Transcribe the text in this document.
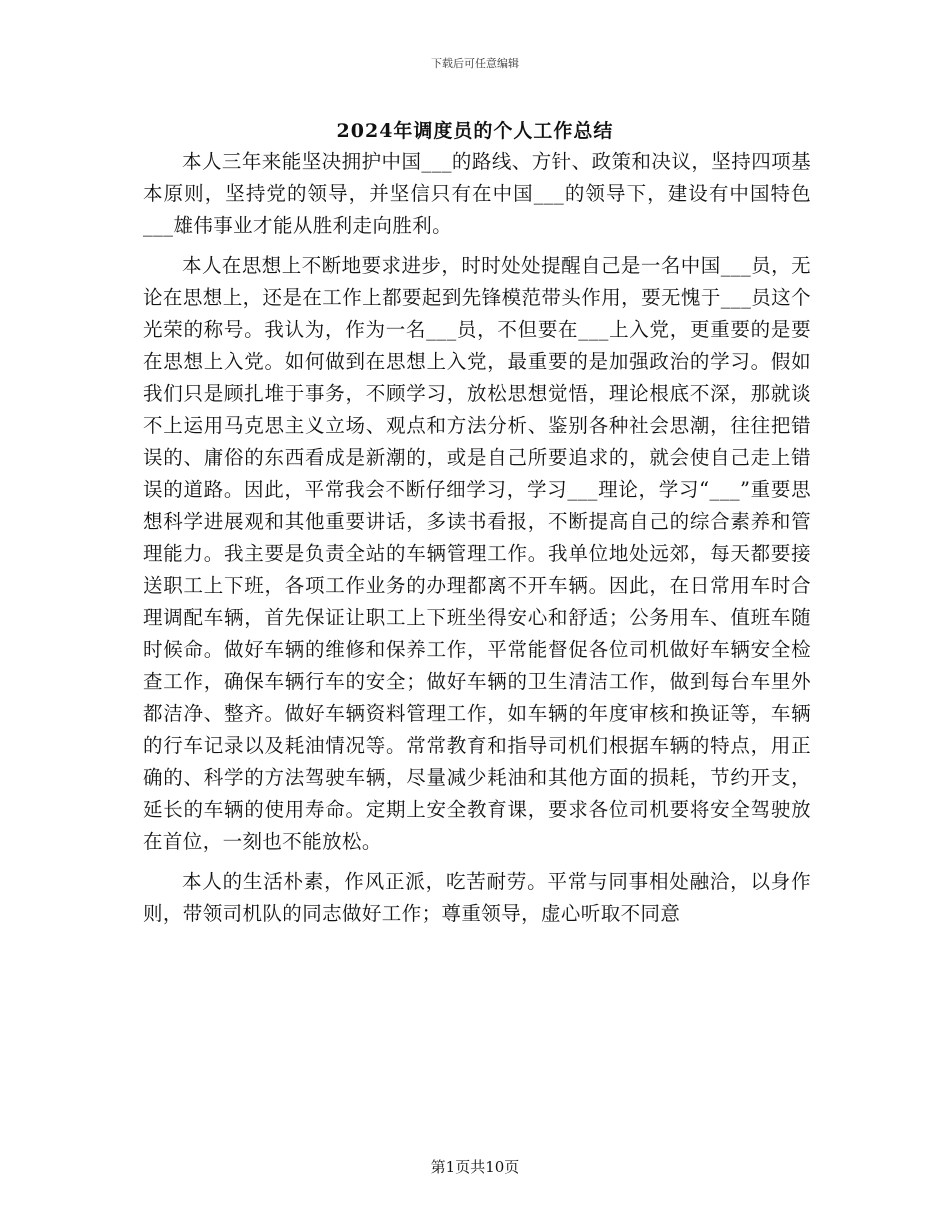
下载后可任意编辑
2024年调度员的个人工作总结

本人三年来能坚决拥护中国___的路线、方针、政策和决议，坚持四项基本原则，坚持党的领导，并坚信只有在中国___的领导下，建设有中国特色___雄伟事业才能从胜利走向胜利。

本人在思想上不断地要求进步，时时处处提醒自己是一名中国___员，无论在思想上，还是在工作上都要起到先锋模范带头作用，要无愧于___员这个光荣的称号。我认为，作为一名___员，不但要在___上入党，更重要的是要在思想上入党。如何做到在思想上入党，最重要的是加强政治的学习。假如我们只是顾扎堆于事务，不顾学习，放松思想觉悟，理论根底不深，那就谈不上运用马克思主义立场、观点和方法分析、鉴别各种社会思潮，往往把错误的、庸俗的东西看成是新潮的，或是自己所要追求的，就会使自己走上错误的道路。因此，平常我会不断仔细学习，学习___理论，学习“___”重要思想科学进展观和其他重要讲话，多读书看报，不断提高自己的综合素养和管理能力。我主要是负责全站的车辆管理工作。我单位地处远郊，每天都要接送职工上下班，各项工作业务的办理都离不开车辆。因此，在日常用车时合理调配车辆，首先保证让职工上下班坐得安心和舒适；公务用车、值班车随时候命。做好车辆的维修和保养工作，平常能督促各位司机做好车辆安全检查工作，确保车辆行车的安全；做好车辆的卫生清洁工作，做到每台车里外都洁净、整齐。做好车辆资料管理工作，如车辆的年度审核和换证等，车辆的行车记录以及耗油情况等。常常教育和指导司机们根据车辆的特点，用正确的、科学的方法驾驶车辆，尽量减少耗油和其他方面的损耗，节约开支，延长的车辆的使用寿命。定期上安全教育课，要求各位司机要将安全驾驶放在首位，一刻也不能放松。

本人的生活朴素，作风正派，吃苦耐劳。平常与同事相处融洽，以身作则，带领司机队的同志做好工作；尊重领导，虚心听取不同意

第1页共10页
